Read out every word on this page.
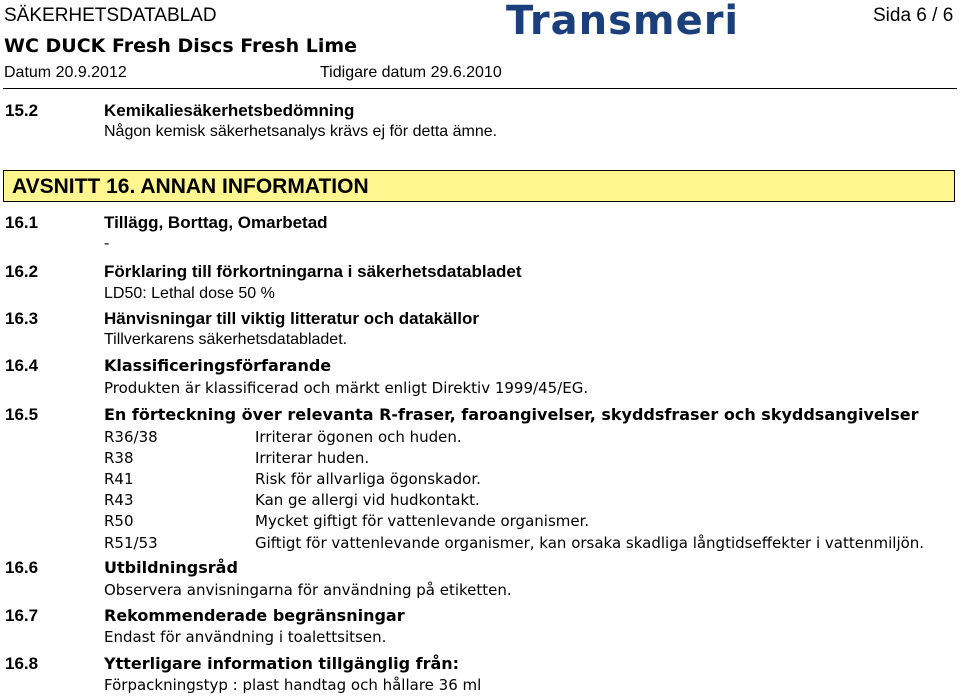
SÄKERHETSDATABLAD
WC DUCK Fresh Discs Fresh Lime
Datum 20.9.2012	Tidigare datum 29.6.2010
Sida 6 / 6
Transmeri
15.2	Kemikaliesäkerhetsbedömning
Någon kemisk säkerhetsanalys krävs ej för detta ämne.
AVSNITT 16. ANNAN INFORMATION
16.1	Tillägg, Borttag, Omarbetad
-
16.2	Förklaring till förkortningarna i säkerhetsdatabladet
LD50: Lethal dose 50 %
16.3	Hänvisningar till viktig litteratur och datakällor
Tillverkarens säkerhetsdatabladet.
16.4	Klassificeringsförfarande
Produkten är klassificerad och märkt enligt Direktiv 1999/45/EG.
16.5	En förteckning över relevanta R-fraser, faroangivelser, skyddsfraser och skyddsangivelser
R36/38	Irriterar ögonen och huden.
R38	Irriterar huden.
R41	Risk för allvarliga ögonskador.
R43	Kan ge allergi vid hudkontakt.
R50	Mycket giftigt för vattenlevande organismer.
R51/53	Giftigt för vattenlevande organismer, kan orsaka skadliga långtidseffekter i vattenmiljön.
16.6	Utbildningsråd
Observera anvisningarna för användning på etiketten.
16.7	Rekommenderade begränsningar
Endast för användning i toalettsitsen.
16.8	Ytterligare information tillgänglig från:
Förpackningstyp : plast handtag och hållare 36 ml
